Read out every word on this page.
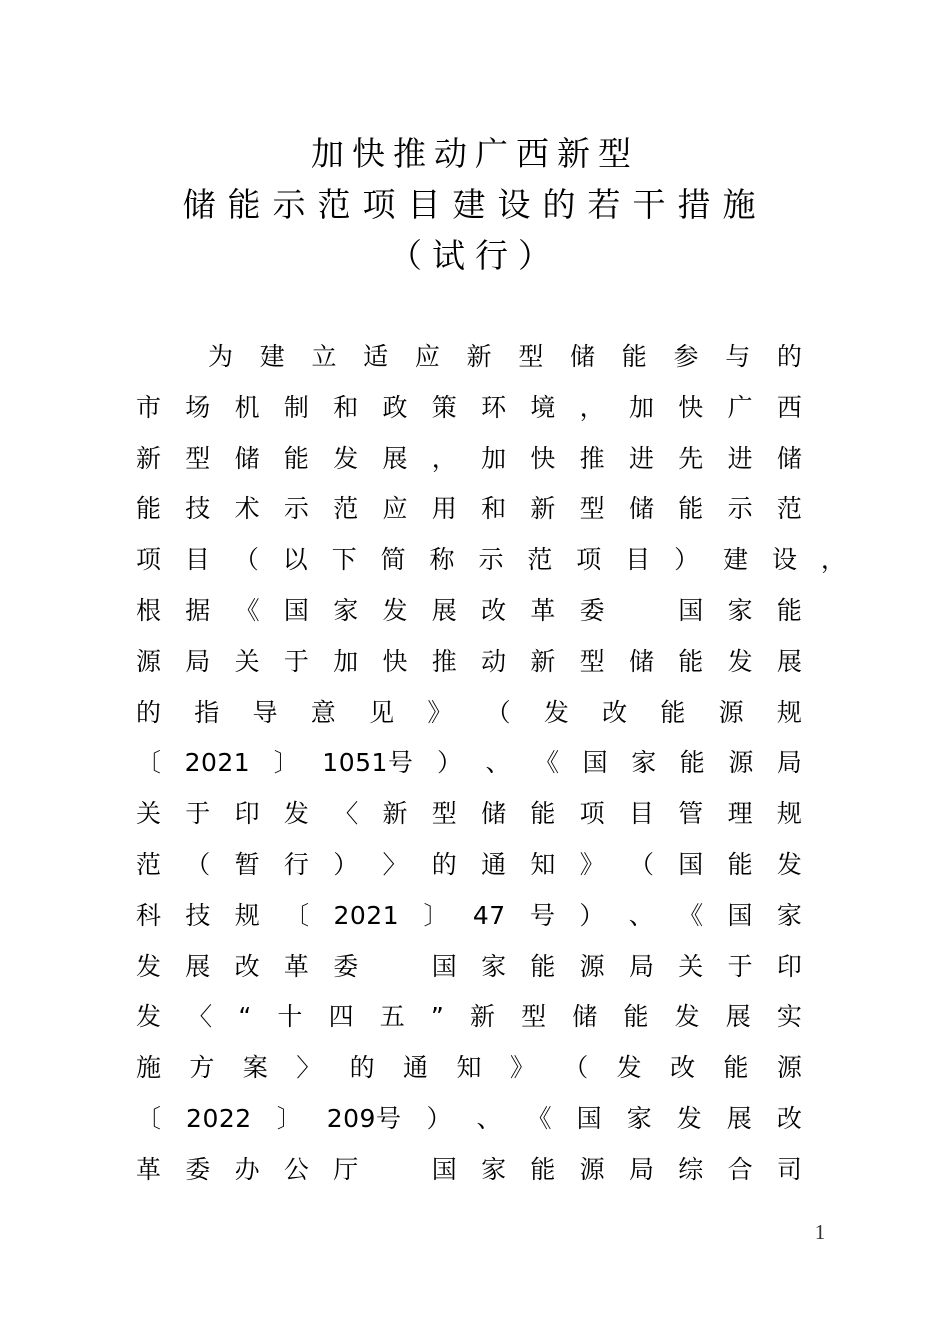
加快推动广西新型
储能示范项目建设的若干措施
（试行）
为 建 立 适 应 新 型 储 能 参 与 的
市 场 机 制 和 政 策 环 境 ， 加 快 广 西
新 型 储 能 发 展 ， 加 快 推 进 先 进 储
能 技 术 示 范 应 用 和 新 型 储 能 示 范
项 目 （ 以 下 简 称 示 范 项 目 ） 建 设 ，
根 据 《 国 家 发 展 改 革 委
　	国 家 能
源 局 关 于 加 快 推 动 新 型 储 能 发 展
的 指 导 意 见 》 （ 发 改 能 源 规
〔 2021 〕 1051号 ） 、 《 国 家 能 源 局
关 于 印 发 〈 新 型 储 能 项 目 管 理 规
范 （ 暂 行 ） 〉 的 通 知 》 （ 国 能 发
科 技 规 〔 2021 〕 47 号 ） 、 《 国 家
发 展 改 革 委
　	国 家 能 源 局 关 于 印
发 〈 “ 十 四 五 ” 新 型 储 能 发 展 实
施 方 案 〉 的 通 知 》 （ 发 改 能 源
〔 2022 〕 209号 ） 、 《 国 家 发 展 改
革 委 办 公 厅
　	国 家 能 源 局 综 合 司
1
